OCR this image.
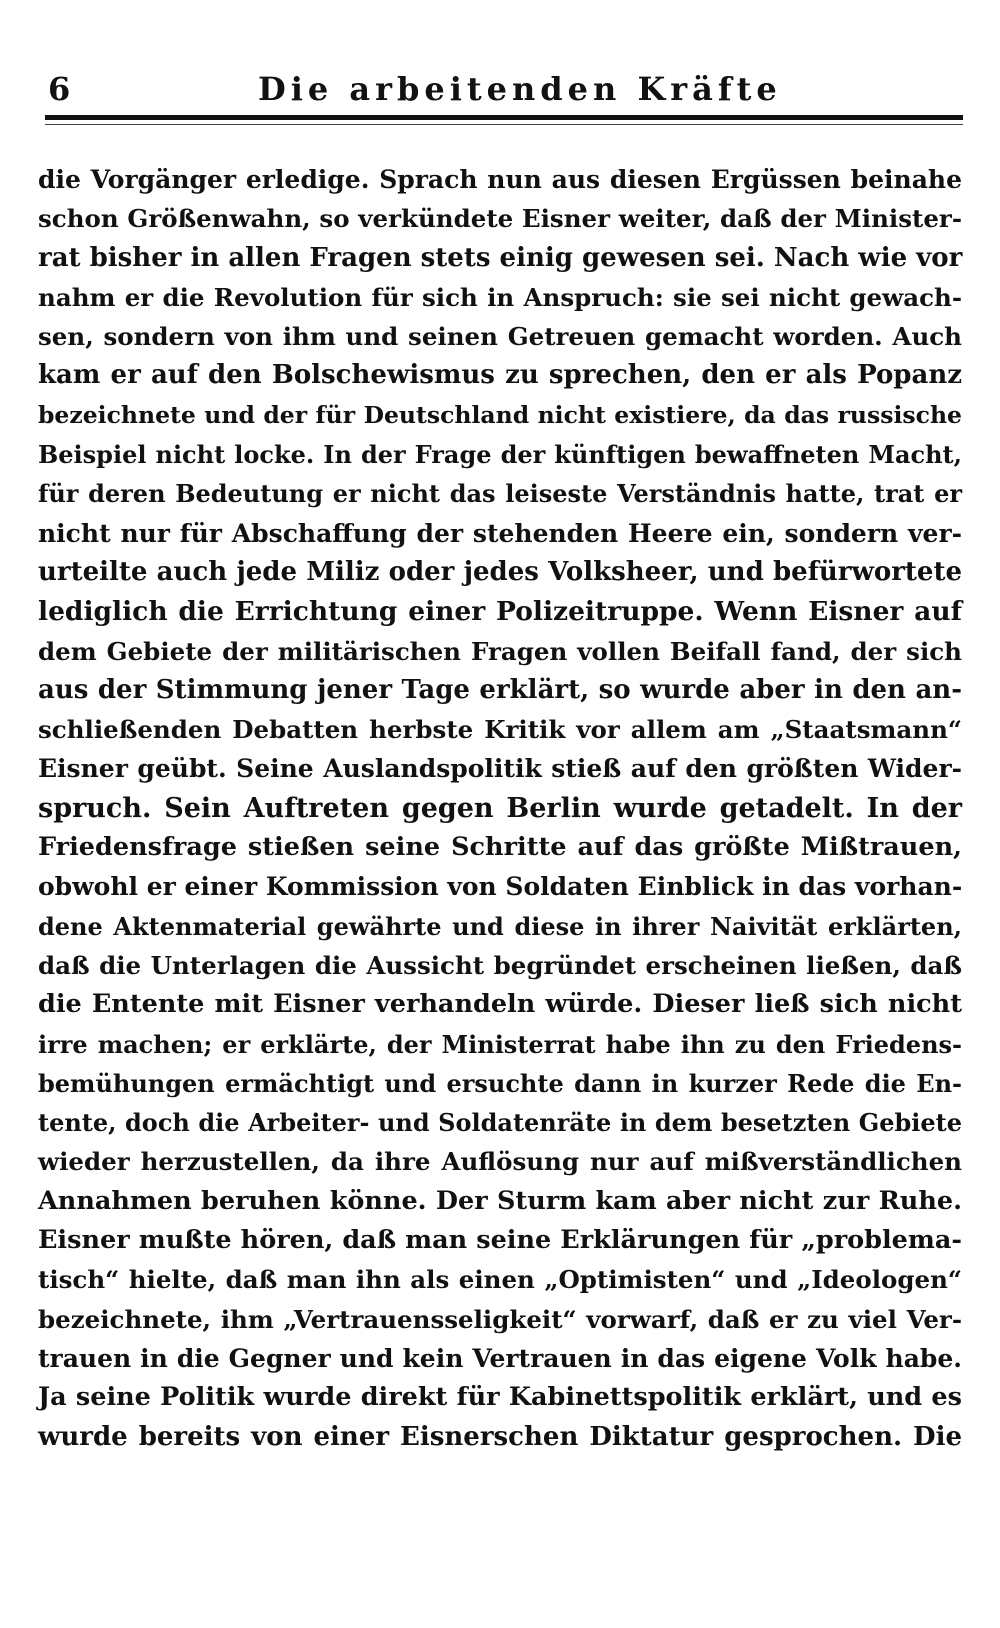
6	Die arbeitenden Kräfte
die Vorgänger erledige. Sprach nun aus diesen Ergüssen beinahe
schon Größenwahn, so verkündete Eisner weiter, daß der Minister-
rat bisher in allen Fragen stets einig gewesen sei. Nach wie vor
nahm er die Revolution für sich in Anspruch: sie sei nicht gewach-
sen, sondern von ihm und seinen Getreuen gemacht worden. Auch
kam er auf den Bolschewismus zu sprechen, den er als Popanz
bezeichnete und der für Deutschland nicht existiere, da das russische
Beispiel nicht locke. In der Frage der künftigen bewaffneten Macht,
für deren Bedeutung er nicht das leiseste Verständnis hatte, trat er
nicht nur für Abschaffung der stehenden Heere ein, sondern ver-
urteilte auch jede Miliz oder jedes Volksheer, und befürwortete
lediglich die Errichtung einer Polizeitruppe. Wenn Eisner auf
dem Gebiete der militärischen Fragen vollen Beifall fand, der sich
aus der Stimmung jener Tage erklärt, so wurde aber in den an-
schließenden Debatten herbste Kritik vor allem am „Staatsmann“
Eisner geübt. Seine Auslandspolitik stieß auf den größten Wider-
spruch. Sein Auftreten gegen Berlin wurde getadelt. In der
Friedensfrage stießen seine Schritte auf das größte Mißtrauen,
obwohl er einer Kommission von Soldaten Einblick in das vorhan-
dene Aktenmaterial gewährte und diese in ihrer Naivität erklärten,
daß die Unterlagen die Aussicht begründet erscheinen ließen, daß
die Entente mit Eisner verhandeln würde. Dieser ließ sich nicht
irre machen; er erklärte, der Ministerrat habe ihn zu den Friedens-
bemühungen ermächtigt und ersuchte dann in kurzer Rede die En-
tente, doch die Arbeiter- und Soldatenräte in dem besetzten Gebiete
wieder herzustellen, da ihre Auflösung nur auf mißverständlichen
Annahmen beruhen könne. Der Sturm kam aber nicht zur Ruhe.
Eisner mußte hören, daß man seine Erklärungen für „problema-
tisch“ hielte, daß man ihn als einen „Optimisten“ und „Ideologen“
bezeichnete, ihm „Vertrauensseligkeit“ vorwarf, daß er zu viel Ver-
trauen in die Gegner und kein Vertrauen in das eigene Volk habe.
Ja seine Politik wurde direkt für Kabinettspolitik erklärt, und es
wurde bereits von einer Eisnerschen Diktatur gesprochen. Die
